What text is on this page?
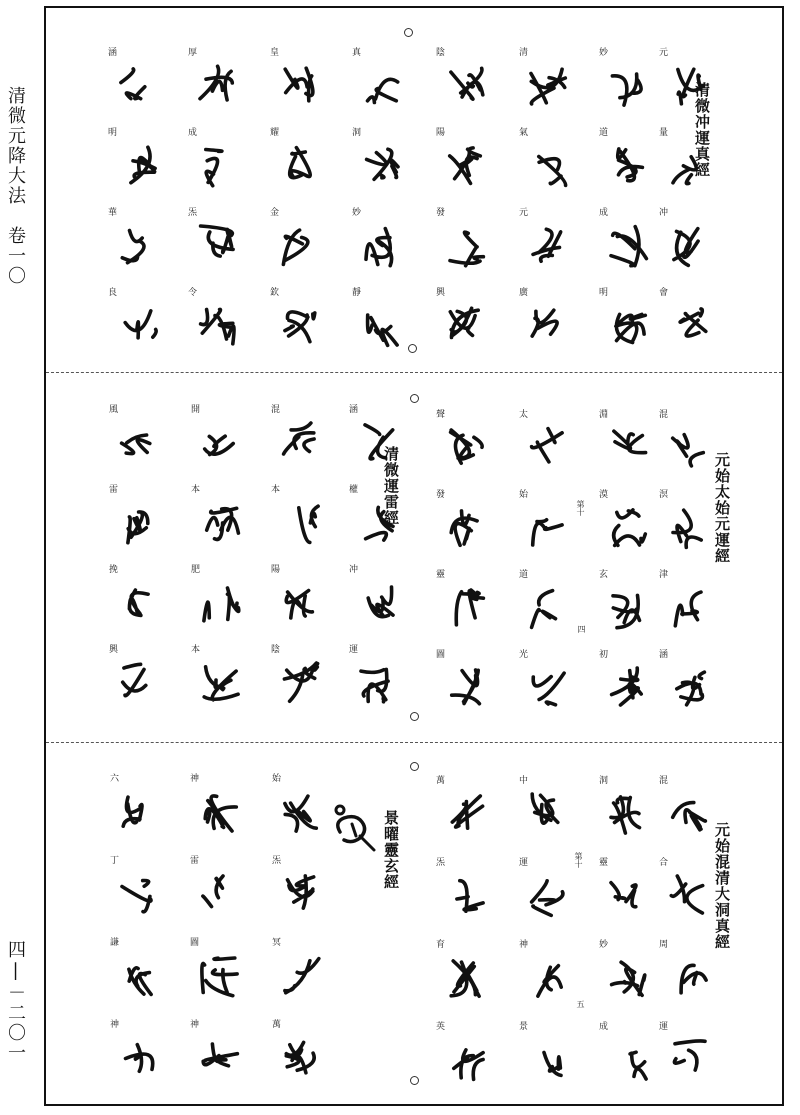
清微元降大法　卷一〇
四|－二〇一
清微冲運真經
元始太始元運經
清微運雷經
元始混清大洞真經
景曜靈玄經
第十
四
第十
五
元
量
冲
會
妙
道
成
明
清
氣
元
廣
陰
陽
發
興
真
洞
妙
靜
皇
耀
金
欽
厚
成
炁
令
涵
明
華
良
混
溟
津
涵
淵
漠
玄
初
太
始
道
光
聲
發
靈
圖
涵
權
冲
運
混
本
陽
陰
開
本
肥
本
風
雷
挽
興
混
合
周
運
洞
靈
妙
成
中
運
神
景
萬
炁
育
英
始
炁
冥
萬
神
雷
圖
神
六
丁
謙
神
